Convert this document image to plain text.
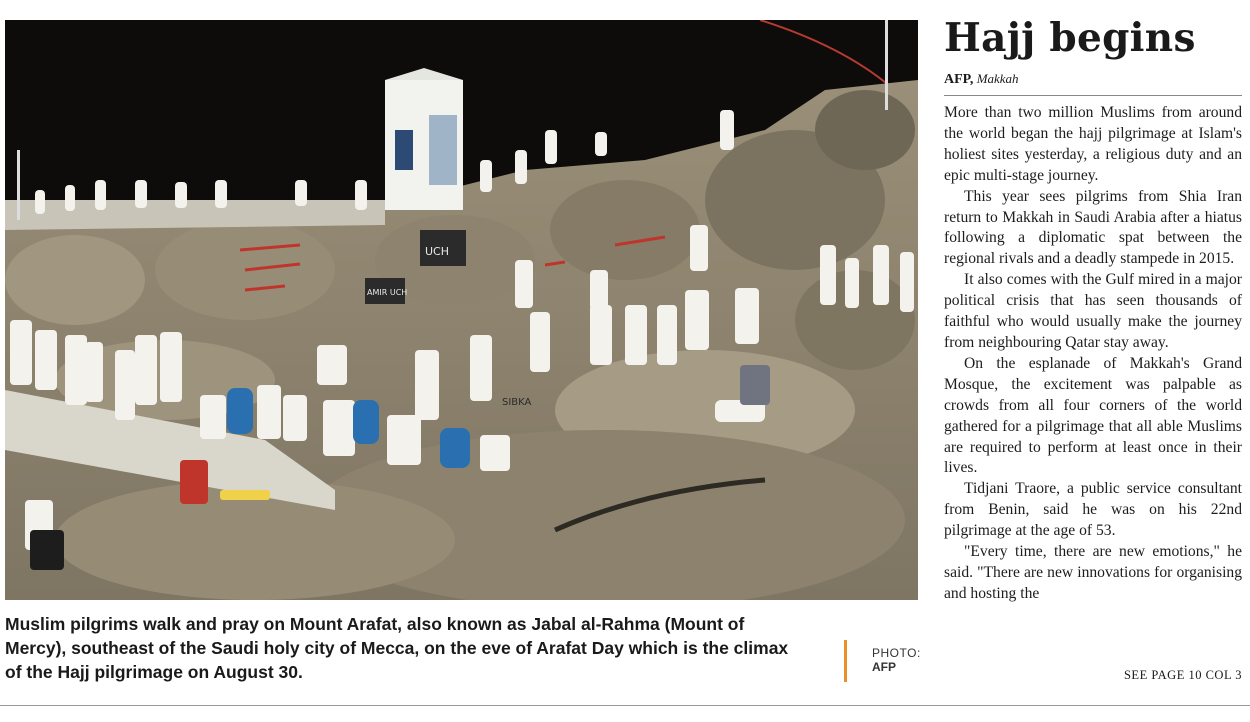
UCH
AMIR UCH
SIBKA
Muslim pilgrims walk and pray on Mount Arafat, also known as Jabal al-Rahma (Mount of Mercy), southeast of the Saudi holy city of Mecca, on the eve of Arafat Day which is the climax of the Hajj pilgrimage on August 30.
PHOTO:
AFP
Hajj begins
AFP, Makkah

More than two million Muslims from around the world began the hajj pilgrimage at Islam's holiest sites yesterday, a religious duty and an epic multi-stage journey.

This year sees pilgrims from Shia Iran return to Makkah in Saudi Arabia after a hiatus following a diplomatic spat between the regional rivals and a deadly stampede in 2015.

It also comes with the Gulf mired in a major political crisis that has seen thousands of faithful who would usually make the journey from neighbouring Qatar stay away.

On the esplanade of Makkah's Grand Mosque, the excitement was palpable as crowds from all four corners of the world gathered for a pilgrimage that all able Muslims are required to perform at least once in their lives.

Tidjani Traore, a public service consultant from Benin, said he was on his 22nd pilgrimage at the age of 53.

"Every time, there are new emotions," he said. "There are new innovations for organising and hosting the

SEE PAGE 10 COL 3
